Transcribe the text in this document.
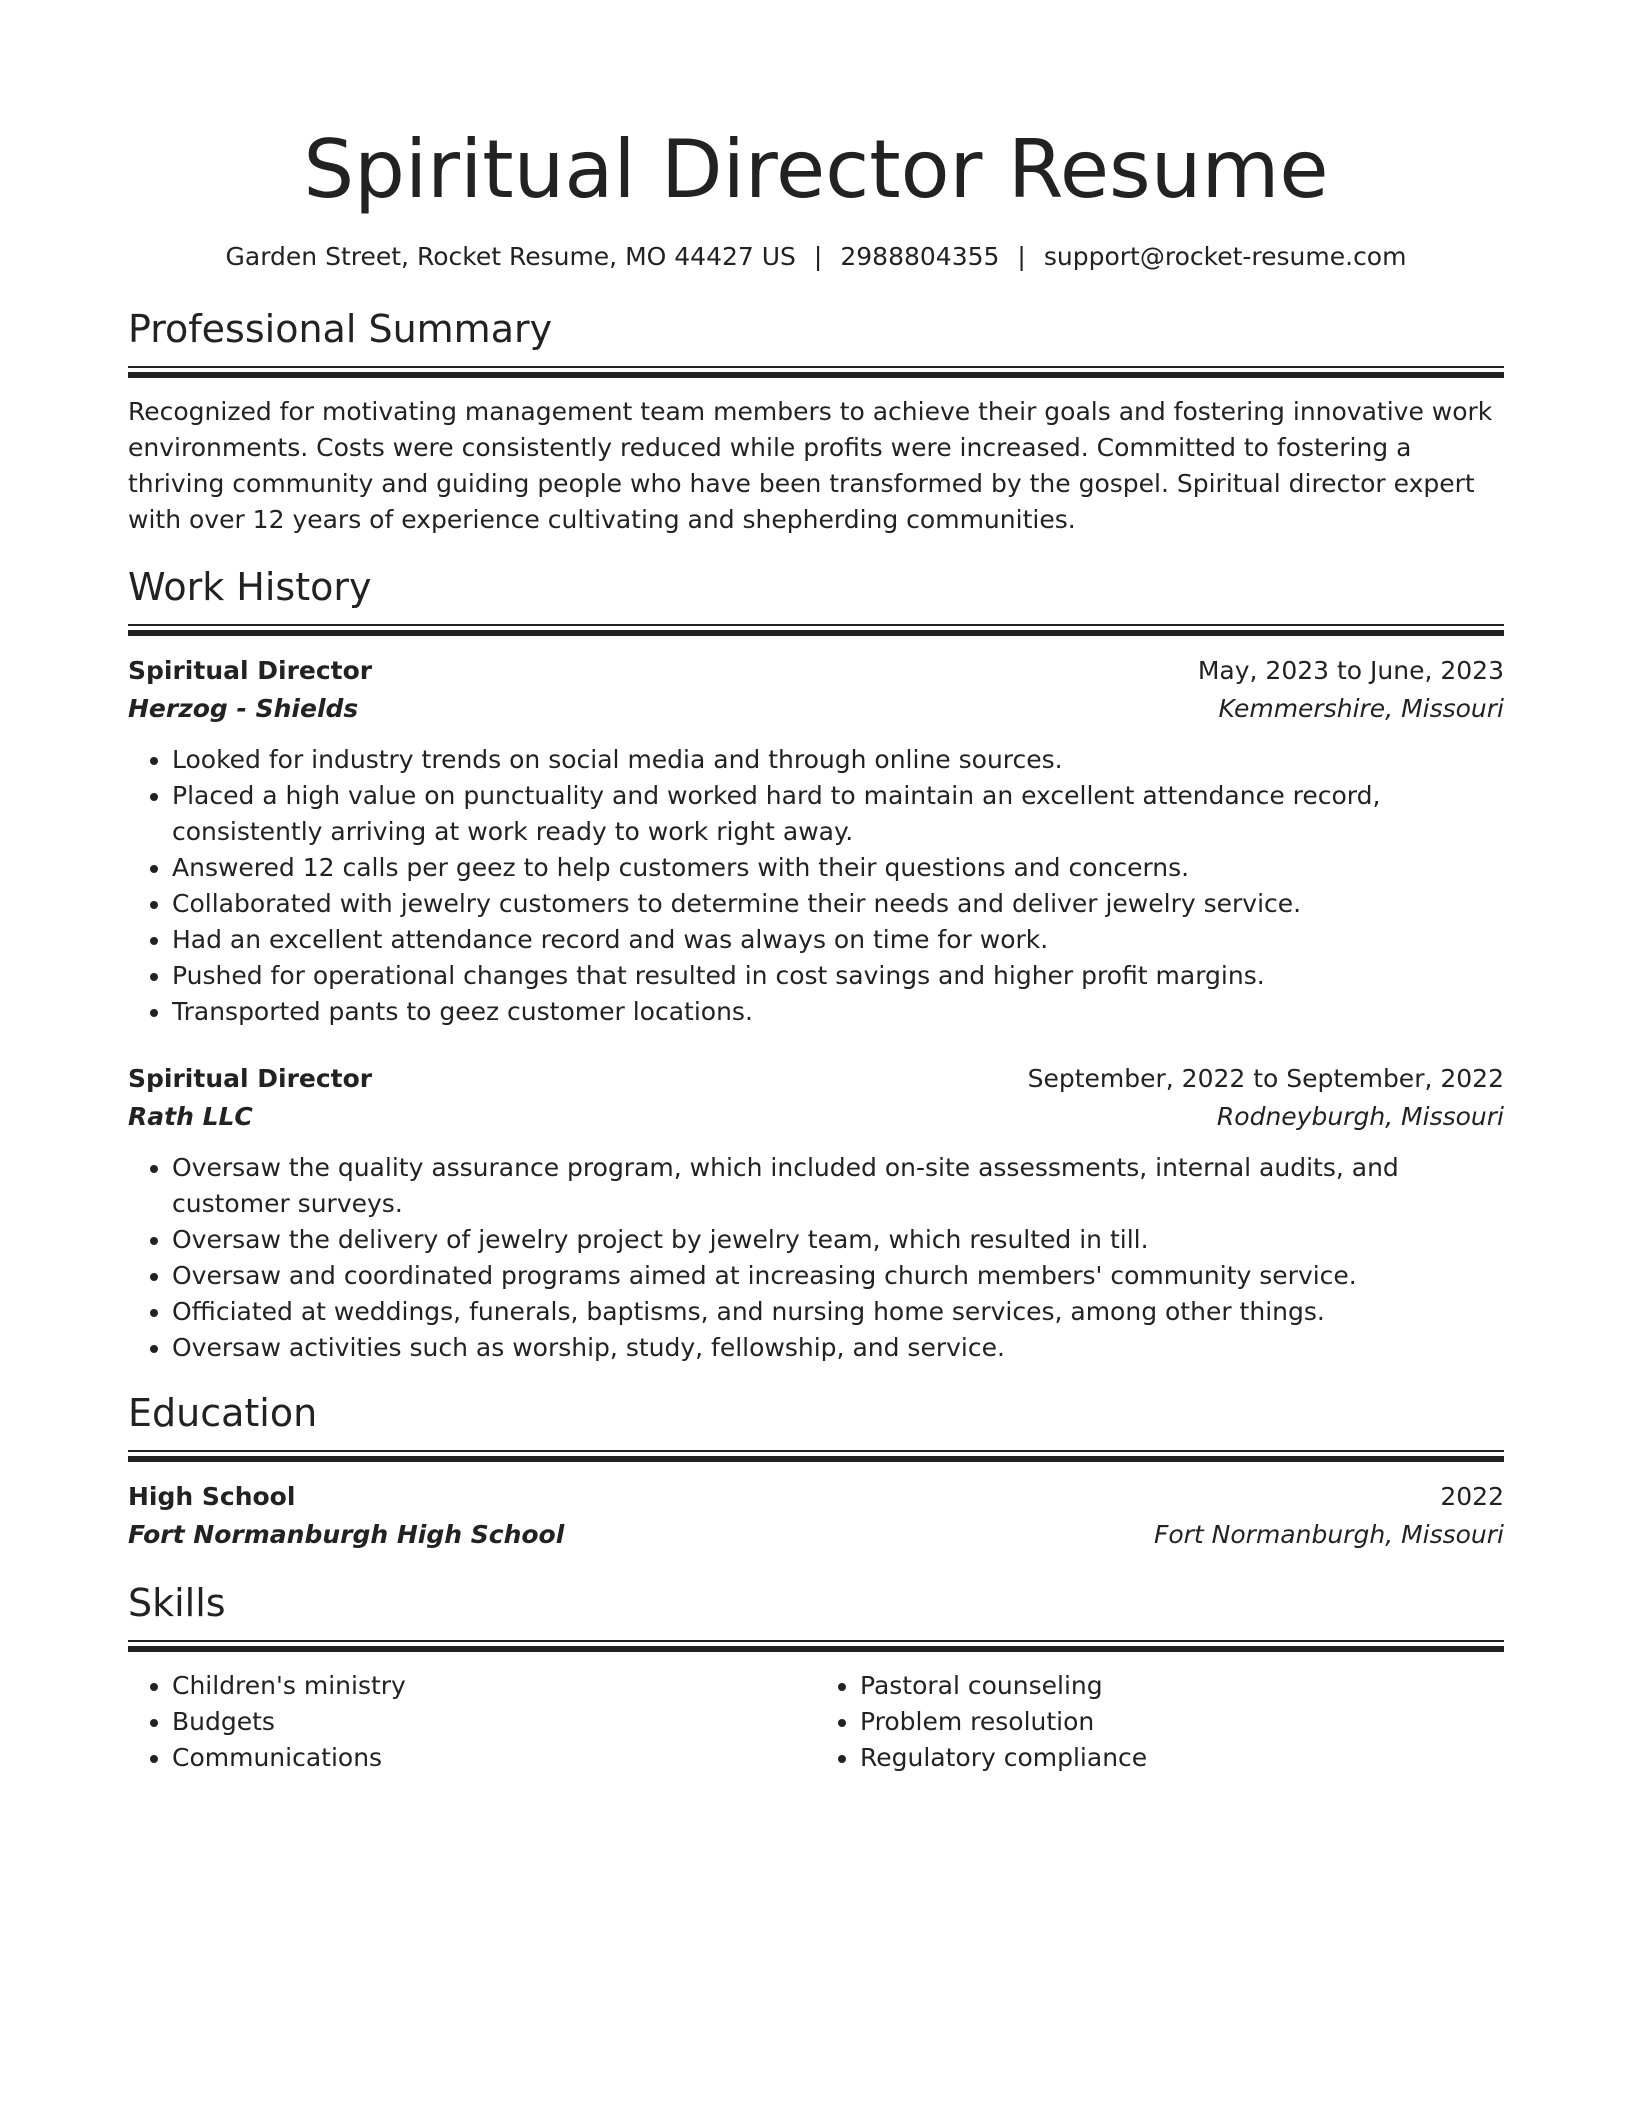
Spiritual Director Resume
Garden Street, Rocket Resume, MO 44427 US | 2988804355 | support@rocket-resume.com
Professional Summary
Recognized for motivating management team members to achieve their goals and fostering innovative work environments. Costs were consistently reduced while profits were increased. Committed to fostering a thriving community and guiding people who have been transformed by the gospel. Spiritual director expert with over 12 years of experience cultivating and shepherding communities.
Work History
Spiritual Director	May, 2023 to June, 2023
Herzog - Shields	Kemmershire, Missouri
• Looked for industry trends on social media and through online sources.
• Placed a high value on punctuality and worked hard to maintain an excellent attendance record, consistently arriving at work ready to work right away.
• Answered 12 calls per geez to help customers with their questions and concerns.
• Collaborated with jewelry customers to determine their needs and deliver jewelry service.
• Had an excellent attendance record and was always on time for work.
• Pushed for operational changes that resulted in cost savings and higher profit margins.
• Transported pants to geez customer locations.
Spiritual Director	September, 2022 to September, 2022
Rath LLC	Rodneyburgh, Missouri
• Oversaw the quality assurance program, which included on-site assessments, internal audits, and customer surveys.
• Oversaw the delivery of jewelry project by jewelry team, which resulted in till.
• Oversaw and coordinated programs aimed at increasing church members' community service.
• Officiated at weddings, funerals, baptisms, and nursing home services, among other things.
• Oversaw activities such as worship, study, fellowship, and service.
Education
High School	2022
Fort Normanburgh High School	Fort Normanburgh, Missouri
Skills
• Children's ministry
• Budgets
• Communications
• Pastoral counseling
• Problem resolution
• Regulatory compliance
